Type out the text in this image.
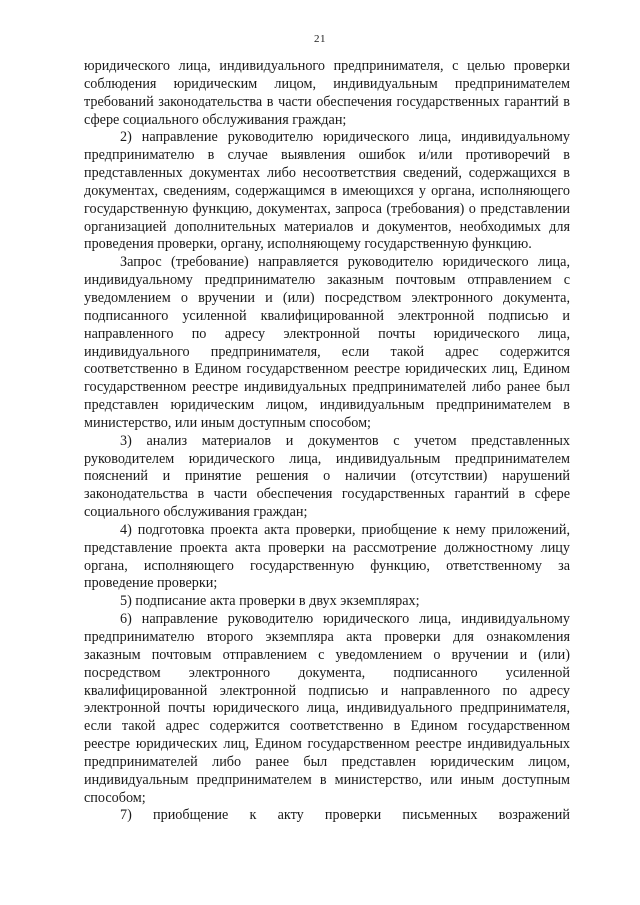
21

юридического лица, индивидуального предпринимателя, с целью проверки соблюдения юридическим лицом, индивидуальным предпринимателем требований законодательства в части обеспечения государственных гарантий в сфере социального обслуживания граждан;

2) направление руководителю юридического лица, индивидуальному предпринимателю в случае выявления ошибок и/или противоречий в представленных документах либо несоответствия сведений, содержащихся в документах, сведениям, содержащимся в имеющихся у органа, исполняющего государственную функцию, документах, запроса (требования) о представлении организацией дополнительных материалов и документов, необходимых для проведения проверки, органу, исполняющему государственную функцию.

Запрос (требование) направляется руководителю юридического лица, индивидуальному предпринимателю заказным почтовым отправлением с уведомлением о вручении и (или) посредством электронного документа, подписанного усиленной квалифицированной электронной подписью и направленного по адресу электронной почты юридического лица, индивидуального предпринимателя, если такой адрес содержится соответственно в Едином государственном реестре юридических лиц, Едином государственном реестре индивидуальных предпринимателей либо ранее был представлен юридическим лицом, индивидуальным предпринимателем в министерство, или иным доступным способом;

3) анализ материалов и документов с учетом представленных руководителем юридического лица, индивидуальным предпринимателем пояснений и принятие решения о наличии (отсутствии) нарушений законодательства в части обеспечения государственных гарантий в сфере социального обслуживания граждан;

4) подготовка проекта акта проверки, приобщение к нему приложений, представление проекта акта проверки на рассмотрение должностному лицу органа, исполняющего государственную функцию, ответственному за проведение проверки;

5) подписание акта проверки в двух экземплярах;

6) направление руководителю юридического лица, индивидуальному предпринимателю второго экземпляра акта проверки для ознакомления заказным почтовым отправлением с уведомлением о вручении и (или) посредством электронного документа, подписанного усиленной квалифицированной электронной подписью и направленного по адресу электронной почты юридического лица, индивидуального предпринимателя, если такой адрес содержится соответственно в Едином государственном реестре юридических лиц, Едином государственном реестре индивидуальных предпринимателей либо ранее был представлен юридическим лицом, индивидуальным предпринимателем в министерство, или иным доступным способом;

7) приобщение к акту проверки письменных возражений
